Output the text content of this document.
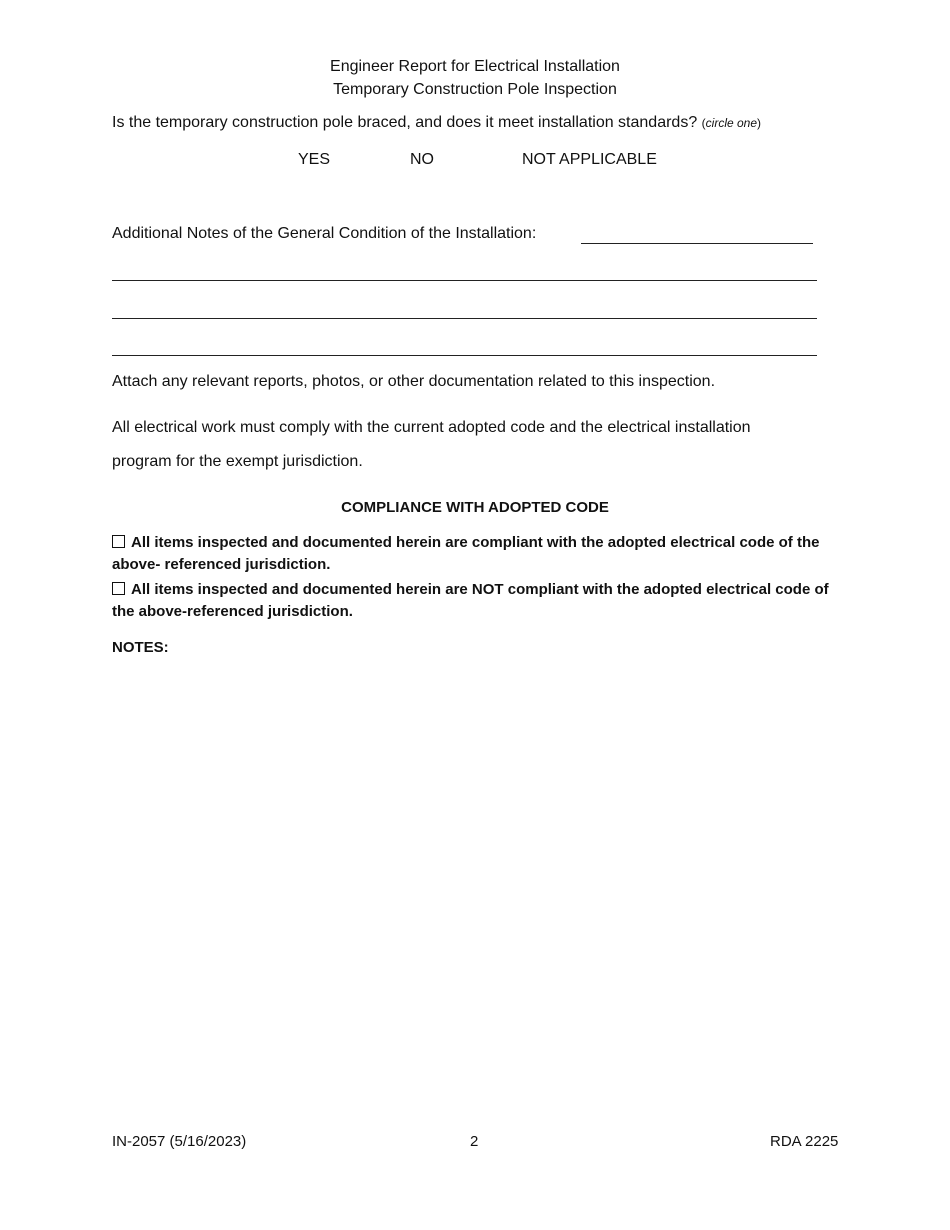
Engineer Report for Electrical Installation
Temporary Construction Pole Inspection
Is the temporary construction pole braced, and does it meet installation standards? (circle one)
YES	NO	NOT APPLICABLE
Additional Notes of the General Condition of the Installation:
Attach any relevant reports, photos, or other documentation related to this inspection.
All electrical work must comply with the current adopted code and the electrical installation
program for the exempt jurisdiction.
COMPLIANCE WITH ADOPTED CODE
All items inspected and documented herein are compliant with the adopted electrical code of the above- referenced jurisdiction.
All items inspected and documented herein are NOT compliant with the adopted electrical code of the above-referenced jurisdiction.
NOTES:
IN-2057 (5/16/2023)	2	RDA 2225
